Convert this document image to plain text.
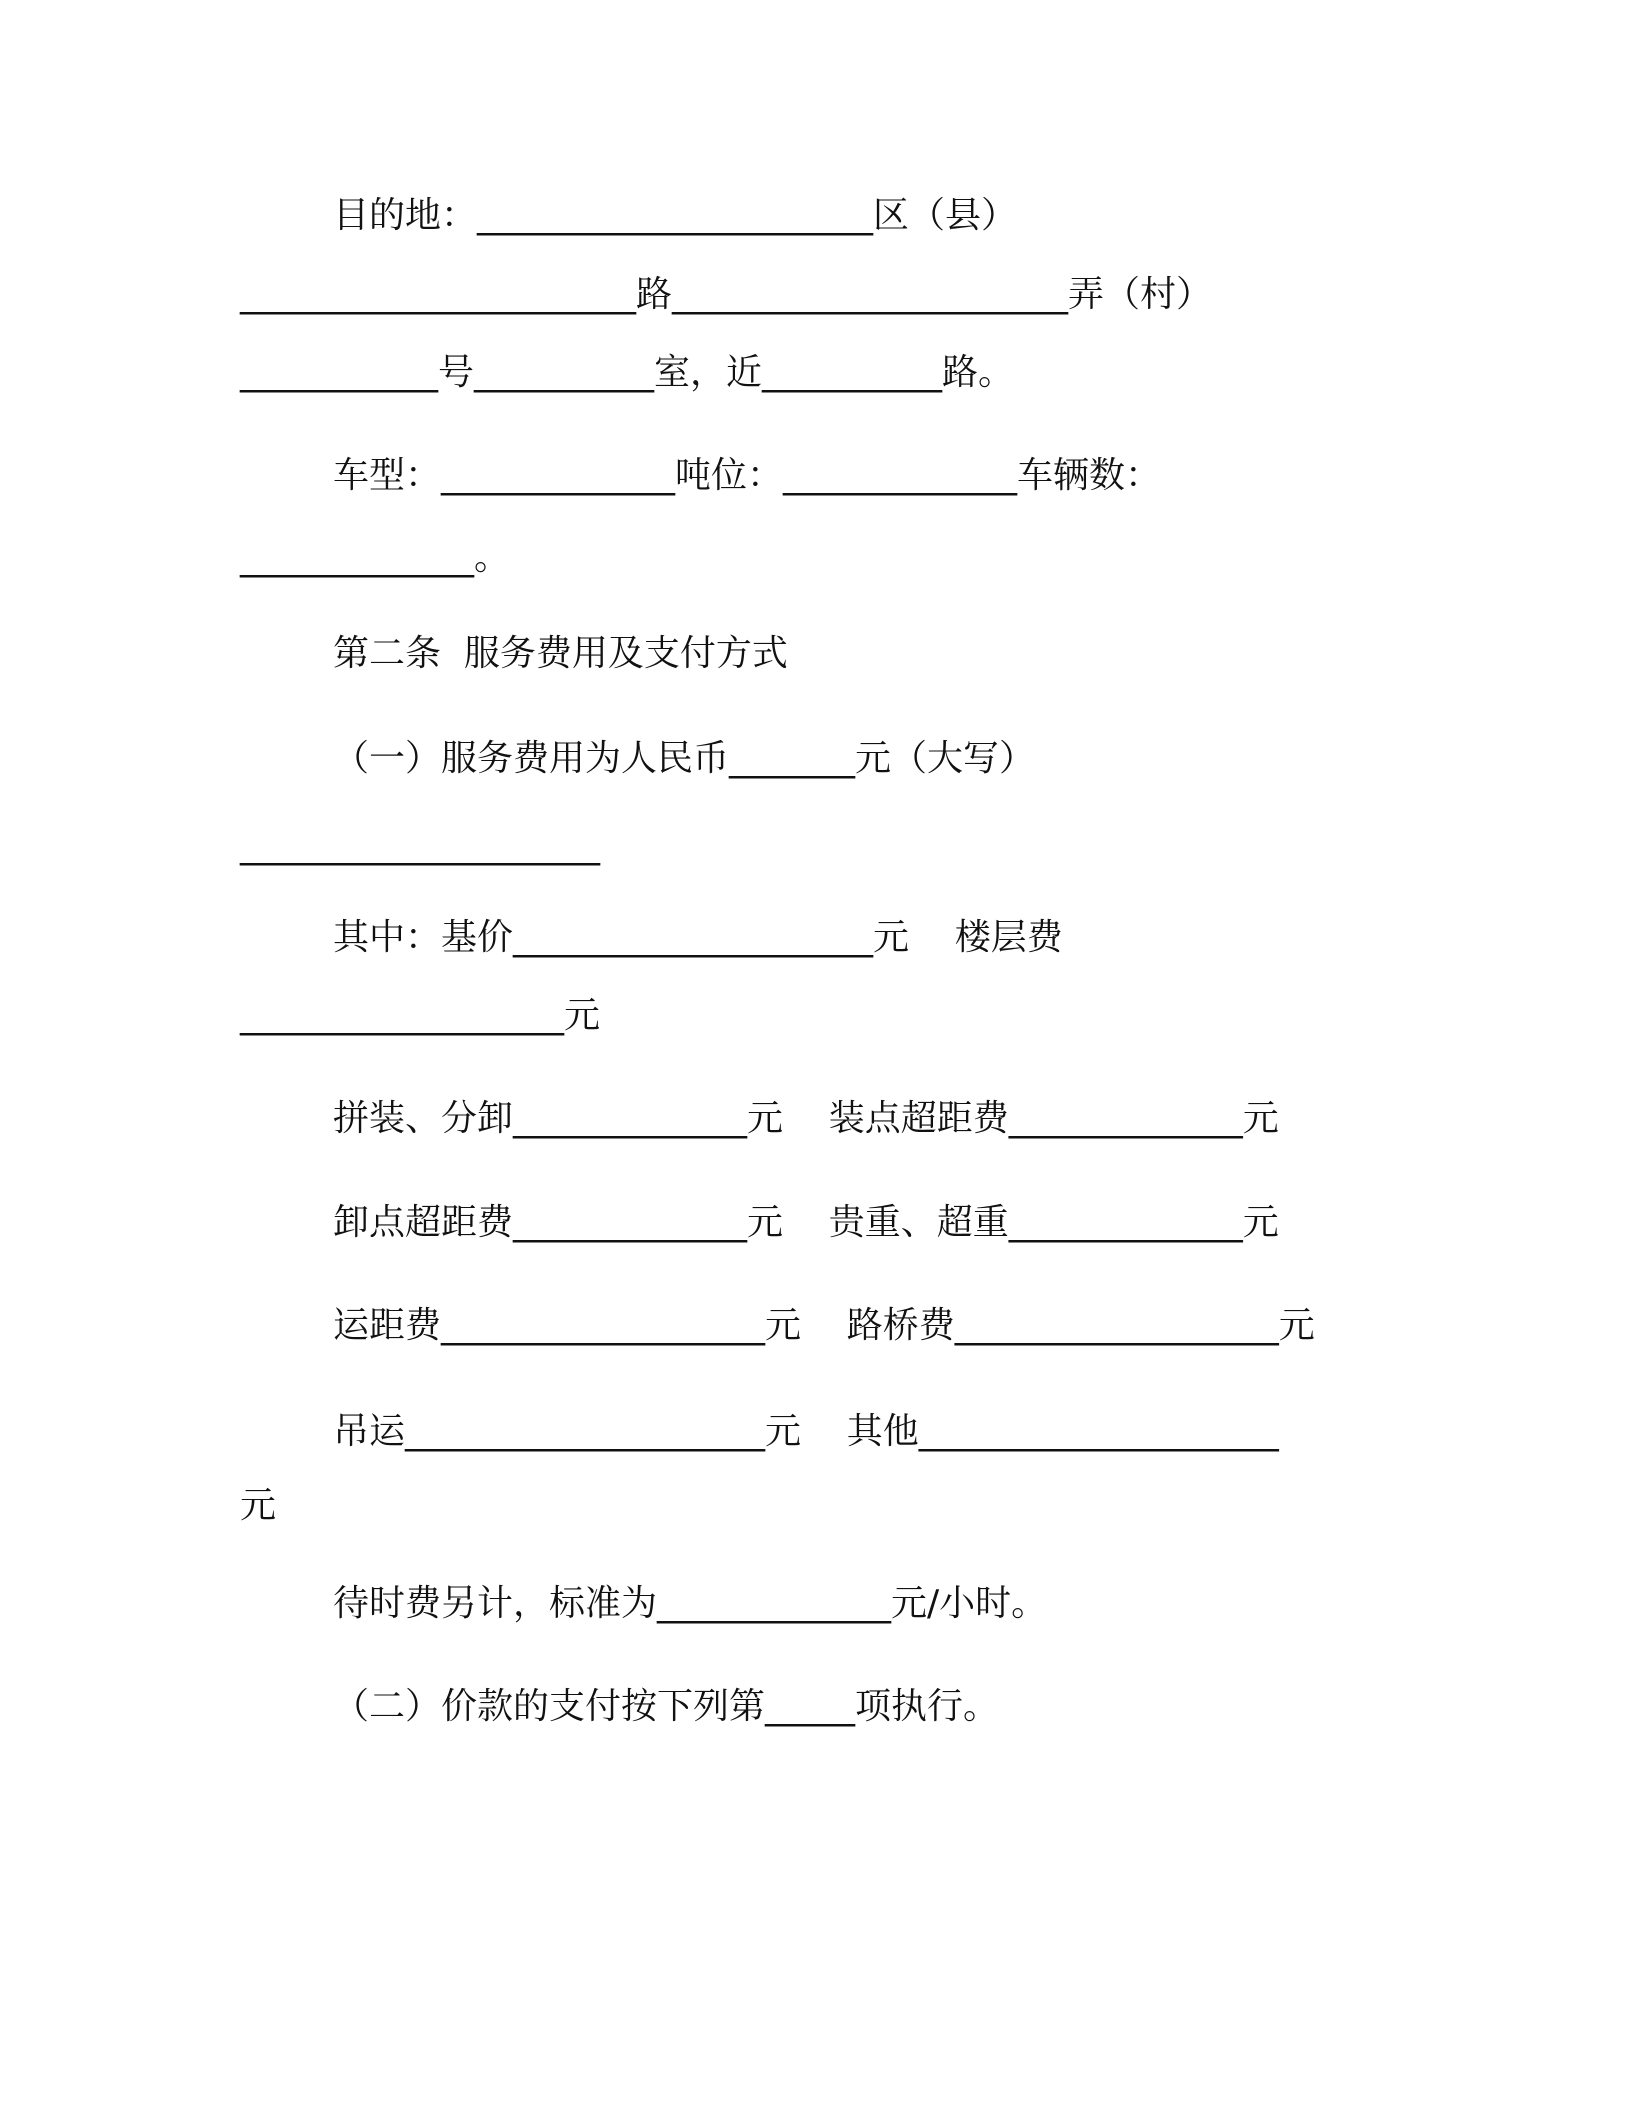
目的地：______________________区（县）
______________________路______________________弄（村）
___________号__________室，近__________路。
车型：_____________吨位：_____________车辆数：
_____________。
第二条  服务费用及支付方式
（一）服务费用为人民币_______元（大写）
____________________
其中：基价____________________元    楼层费
__________________元
拼装、分卸_____________元    装点超距费_____________元
卸点超距费_____________元    贵重、超重_____________元
运距费__________________元    路桥费__________________元
吊运____________________元    其他____________________
元
待时费另计，标准为_____________元/小时。
（二）价款的支付按下列第_____项执行。
